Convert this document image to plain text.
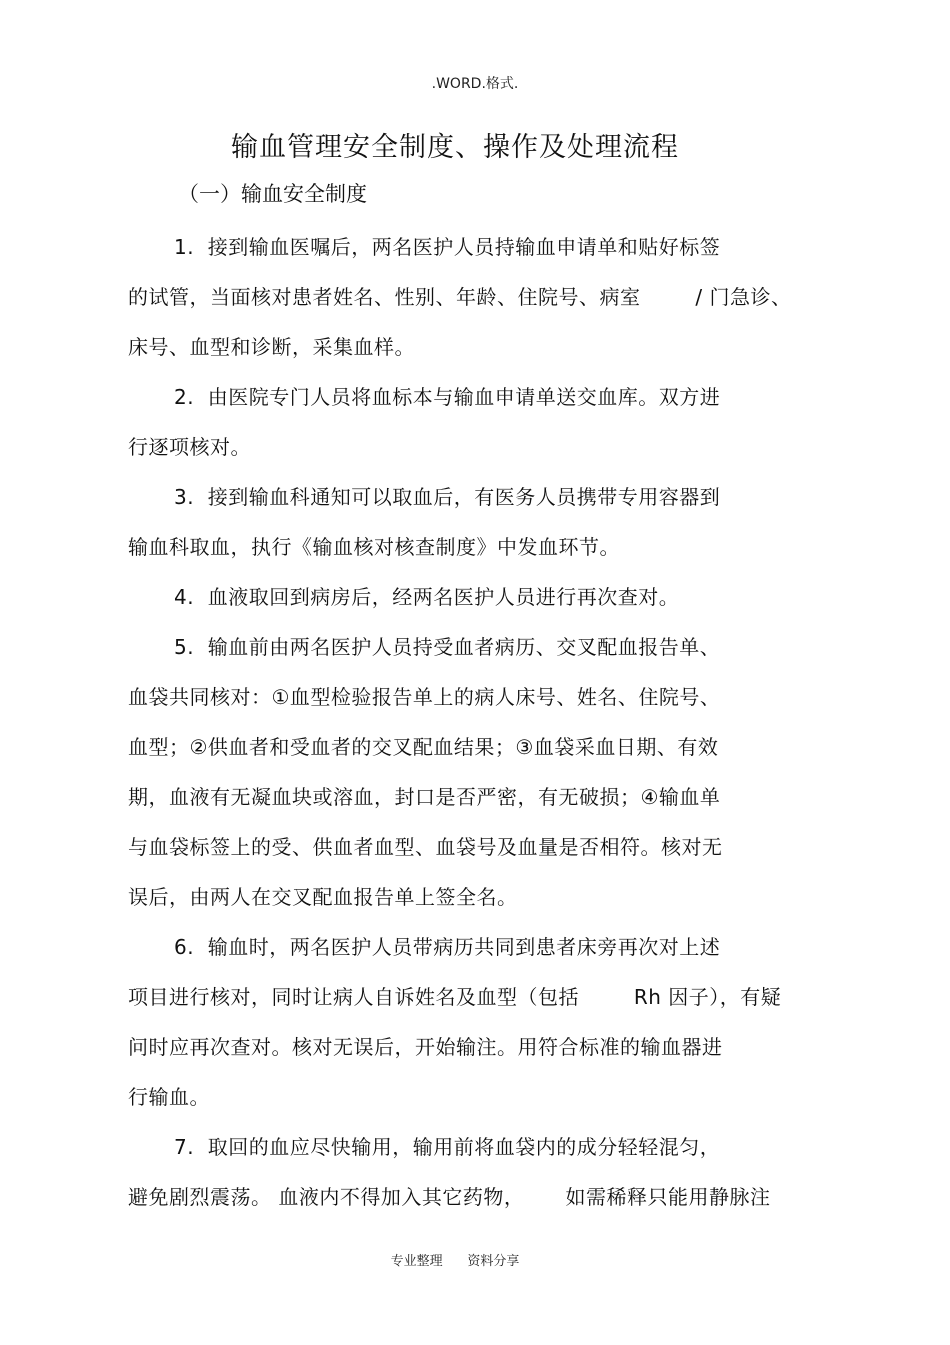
.WORD.格式.
输血管理安全制度、操作及处理流程
（一）输血安全制度
1.  接到输血医嘱后，两名医护人员持输血申请单和贴好标签
的试管，当面核对患者姓名、性别、年龄、住院号、病室        / 门急诊、
床号、血型和诊断，采集血样。
2.  由医院专门人员将血标本与输血申请单送交血库。双方进
行逐项核对。
3.  接到输血科通知可以取血后，有医务人员携带专用容器到
输血科取血，执行《输血核对核查制度》中发血环节。
4.  血液取回到病房后，经两名医护人员进行再次查对。
5.  输血前由两名医护人员持受血者病历、交叉配血报告单、
血袋共同核对：①血型检验报告单上的病人床号、姓名、住院号、
血型；②供血者和受血者的交叉配血结果；③血袋采血日期、有效
期，血液有无凝血块或溶血，封口是否严密，有无破损；④输血单
与血袋标签上的受、供血者血型、血袋号及血量是否相符。核对无
误后，由两人在交叉配血报告单上签全名。
6.  输血时，两名医护人员带病历共同到患者床旁再次对上述
项目进行核对，同时让病人自诉姓名及血型（包括        Rh 因子），有疑
问时应再次查对。核对无误后，开始输注。用符合标准的输血器进
行输血。
7.  取回的血应尽快输用，输用前将血袋内的成分轻轻混匀，
避免剧烈震荡。 血液内不得加入其它药物，      如需稀释只能用静脉注
专业整理      资料分享
